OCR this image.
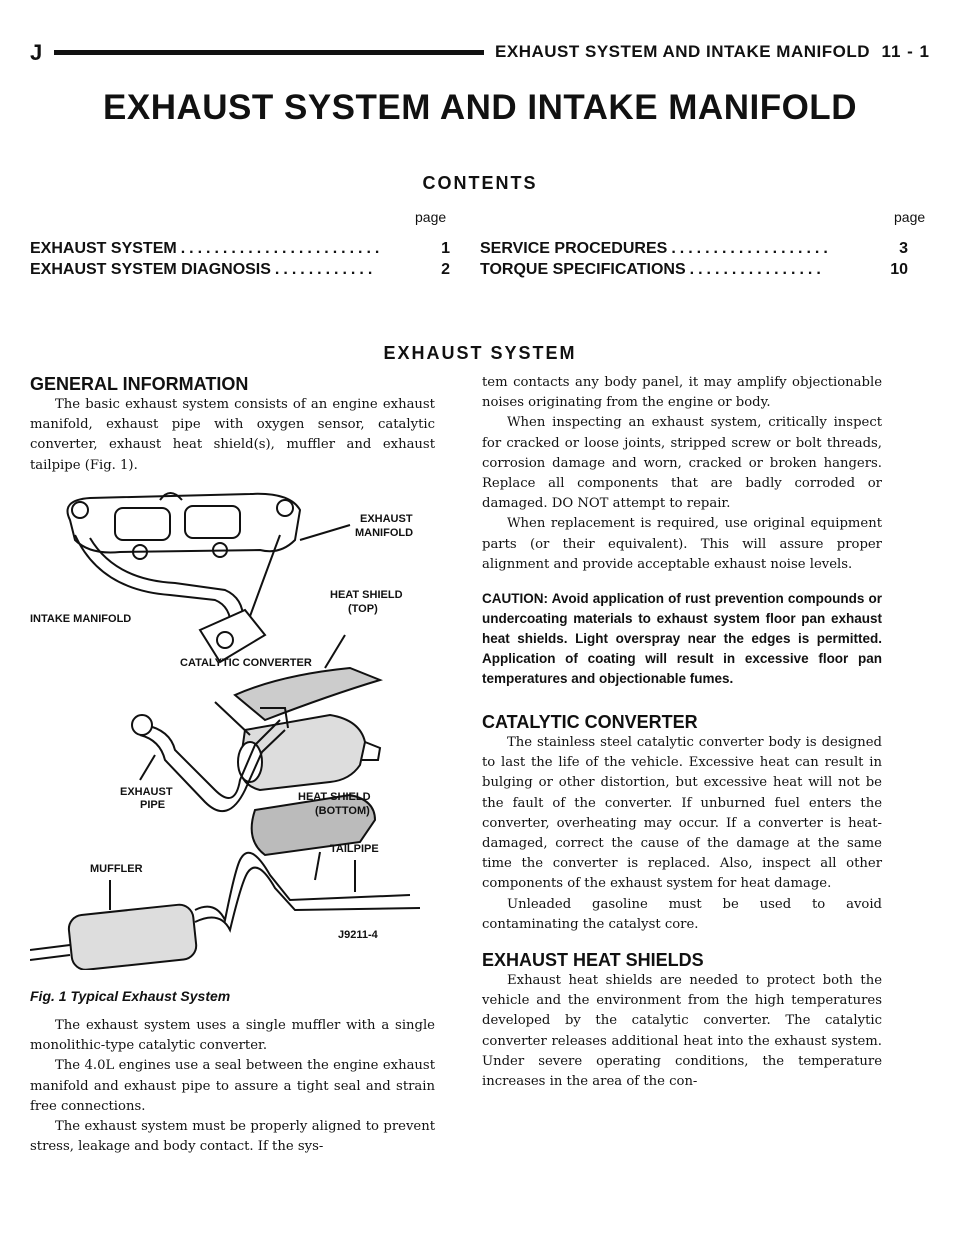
J	EXHAUST SYSTEM AND INTAKE MANIFOLD 11 - 1
EXHAUST SYSTEM AND INTAKE MANIFOLD
CONTENTS
page	page
EXHAUST SYSTEM ........................	1
EXHAUST SYSTEM DIAGNOSIS ............	2
SERVICE PROCEDURES ...................	3
TORQUE SPECIFICATIONS ................	10
EXHAUST SYSTEM
GENERAL INFORMATION

The basic exhaust system consists of an engine exhaust manifold, exhaust pipe with oxygen sensor, catalytic converter, exhaust heat shield(s), muffler and exhaust tailpipe (Fig. 1).

EXHAUST
MANIFOLD
INTAKE MANIFOLD
HEAT SHIELD
(TOP)
CATALYTIC CONVERTER
EXHAUST
PIPE
HEAT SHIELD
(BOTTOM)
MUFFLER
TAILPIPE
J9211-4
Fig. 1 Typical Exhaust System

The exhaust system uses a single muffler with a single monolithic-type catalytic converter.

The 4.0L engines use a seal between the engine exhaust manifold and exhaust pipe to assure a tight seal and strain free connections.

The exhaust system must be properly aligned to prevent stress, leakage and body contact. If the sys-

tem contacts any body panel, it may amplify objectionable noises originating from the engine or body.

When inspecting an exhaust system, critically inspect for cracked or loose joints, stripped screw or bolt threads, corrosion damage and worn, cracked or broken hangers. Replace all components that are badly corroded or damaged. DO NOT attempt to repair.

When replacement is required, use original equipment parts (or their equivalent). This will assure proper alignment and provide acceptable exhaust noise levels.

CAUTION: Avoid application of rust prevention compounds or undercoating materials to exhaust system floor pan exhaust heat shields. Light overspray near the edges is permitted. Application of coating will result in excessive floor pan temperatures and objectionable fumes.

CATALYTIC CONVERTER

The stainless steel catalytic converter body is designed to last the life of the vehicle. Excessive heat can result in bulging or other distortion, but excessive heat will not be the fault of the converter. If unburned fuel enters the converter, overheating may occur. If a converter is heat-damaged, correct the cause of the damage at the same time the converter is replaced. Also, inspect all other components of the exhaust system for heat damage.

Unleaded gasoline must be used to avoid contaminating the catalyst core.

EXHAUST HEAT SHIELDS

Exhaust heat shields are needed to protect both the vehicle and the environment from the high temperatures developed by the catalytic converter. The catalytic converter releases additional heat into the exhaust system. Under severe operating conditions, the temperature increases in the area of the con-
